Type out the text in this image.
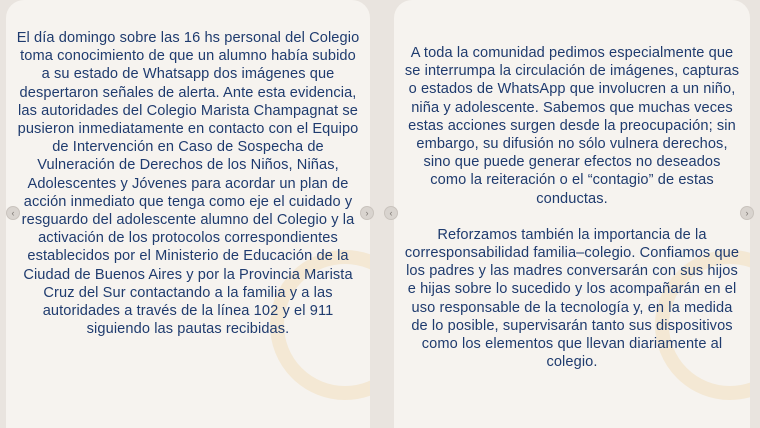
El día domingo sobre las 16 hs personal del Colegio toma conocimiento de que un alumno había subido a su estado de Whatsapp dos imágenes que despertaron señales de alerta. Ante esta evidencia, las autoridades del Colegio Marista Champagnat se pusieron inmediatamente en contacto con el Equipo de Intervención en Caso de Sospecha de Vulneración de Derechos de los Niños, Niñas, Adolescentes y Jóvenes para acordar un plan de acción inmediato que tenga como eje el cuidado y resguardo del adolescente alumno del Colegio y la activación de los protocolos correspondientes establecidos por el Ministerio de Educación de la Ciudad de Buenos Aires y por la Provincia Marista Cruz del Sur contactando a la familia y a las autoridades a través de la línea 102 y el 911 siguiendo las pautas recibidas.

A toda la comunidad pedimos especialmente que se interrumpa la circulación de imágenes, capturas o estados de WhatsApp que involucren a un niño, niña y adolescente. Sabemos que muchas veces estas acciones surgen desde la preocupación; sin embargo, su difusión no sólo vulnera derechos, sino que puede generar efectos no deseados como la reiteración o el “contagio” de estas conductas.

Reforzamos también la importancia de la corresponsabilidad familia–colegio. Confiamos que los padres y las madres conversarán con sus hijos e hijas sobre lo sucedido y los acompañarán en el uso responsable de la tecnología y, en la medida de lo posible, supervisarán tanto sus dispositivos como los elementos que llevan diariamente al colegio.

‹	›	‹	›
